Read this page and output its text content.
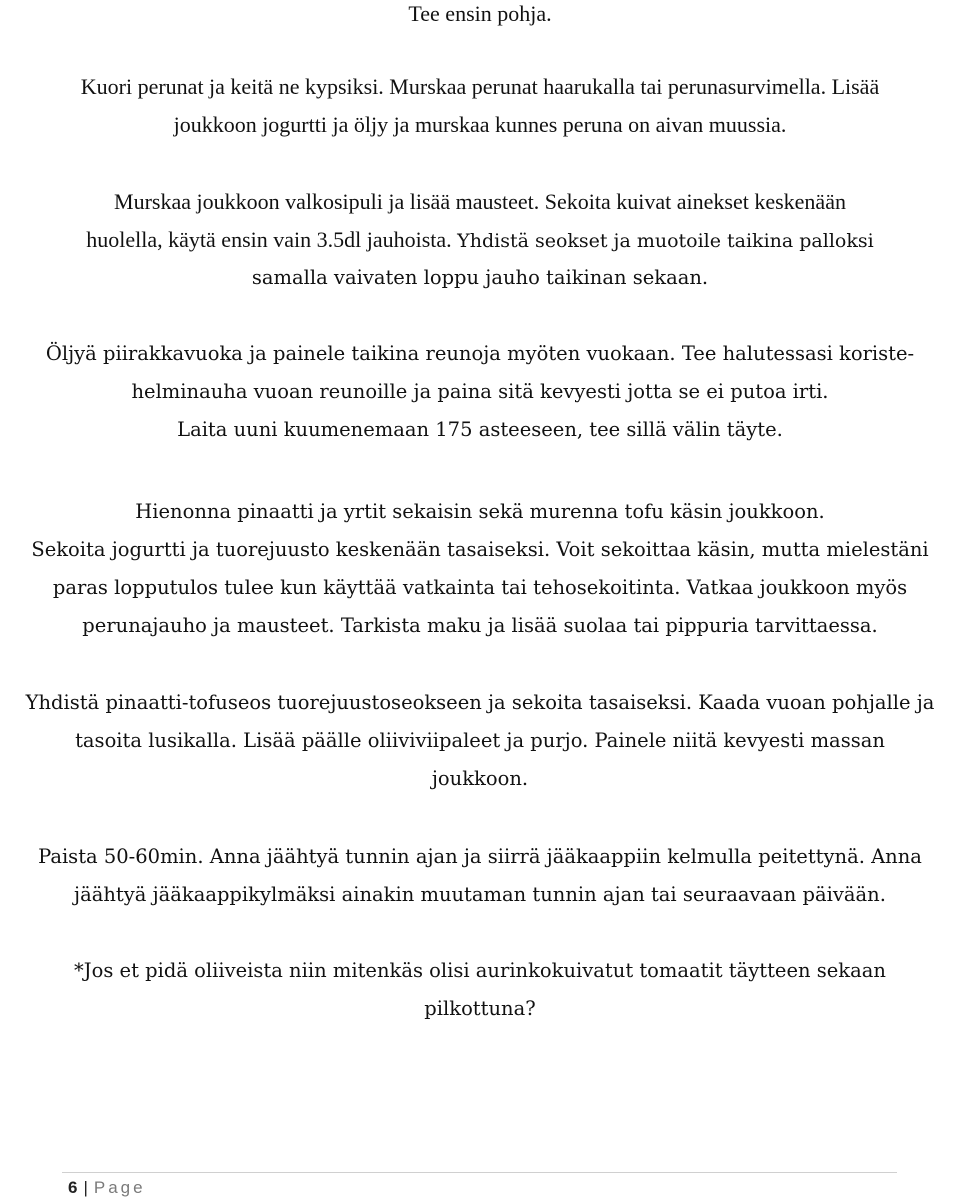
Tee ensin pohja.
Kuori perunat ja keitä ne kypsiksi. Murskaa perunat haarukalla tai perunasurvimella. Lisää
joukkoon jogurtti ja öljy ja murskaa kunnes peruna on aivan muussia.
Murskaa joukkoon valkosipuli ja lisää mausteet. Sekoita kuivat ainekset keskenään
huolella, käytä ensin vain 3.5dl jauhoista. Yhdistä seokset ja muotoile taikina palloksi
samalla vaivaten loppu jauho taikinan sekaan.
Öljyä piirakkavuoka ja painele taikina reunoja myöten vuokaan. Tee halutessasi koriste-
helminauha vuoan reunoille ja paina sitä kevyesti jotta se ei putoa irti.
Laita uuni kuumenemaan 175 asteeseen, tee sillä välin täyte.
Hienonna pinaatti ja yrtit sekaisin sekä murenna tofu käsin joukkoon.
Sekoita jogurtti ja tuorejuusto keskenään tasaiseksi. Voit sekoittaa käsin, mutta mielestäni
paras lopputulos tulee kun käyttää vatkainta tai tehosekoitinta. Vatkaa joukkoon myös
perunajauho ja mausteet. Tarkista maku ja lisää suolaa tai pippuria tarvittaessa.
Yhdistä pinaatti-tofuseos tuorejuustoseokseen ja sekoita tasaiseksi. Kaada vuoan pohjalle ja
tasoita lusikalla. Lisää päälle oliiviviipaleet ja purjo. Painele niitä kevyesti massan
joukkoon.
Paista 50-60min. Anna jäähtyä tunnin ajan ja siirrä jääkaappiin kelmulla peitettynä. Anna
jäähtyä jääkaappikylmäksi ainakin muutaman tunnin ajan tai seuraavaan päivään.
*Jos et pidä oliiveista niin mitenkäs olisi aurinkokuivatut tomaatit täytteen sekaan
pilkottuna?
6 | Page
